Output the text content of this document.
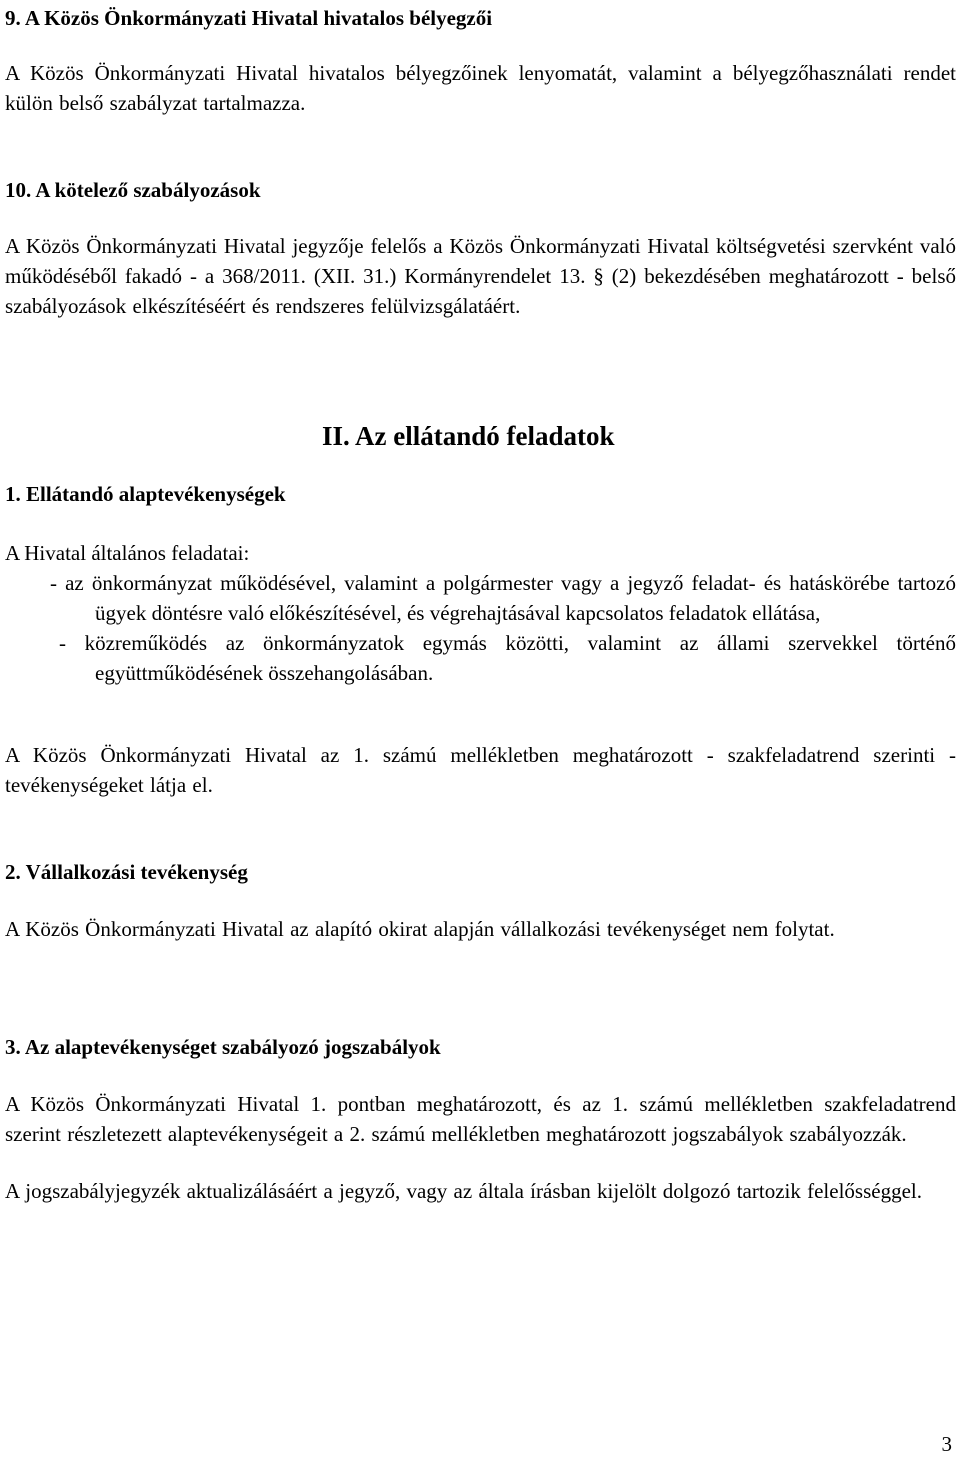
9. A Közös Önkormányzati Hivatal hivatalos bélyegzői

A Közös Önkormányzati Hivatal hivatalos bélyegzőinek lenyomatát, valamint a bélyegzőhasználati rendet külön belső szabályzat tartalmazza.

10. A kötelező szabályozások

A Közös Önkormányzati Hivatal jegyzője felelős a Közös Önkormányzati Hivatal költségvetési szervként való működéséből fakadó - a 368/2011. (XII. 31.) Kormányrendelet 13. § (2) bekezdésében meghatározott - belső szabályozások elkészítéséért és rendszeres felülvizsgálatáért.

II. Az ellátandó feladatok
1. Ellátandó alaptevékenységek

A Hivatal általános feladatai:

- az önkormányzat működésével, valamint a polgármester vagy a jegyző feladat- és hatáskörébe tartozó ügyek döntésre való előkészítésével, és végrehajtásával kapcsolatos feladatok ellátása,
- közreműködés az önkormányzatok egymás közötti, valamint az állami szervekkel történő együttműködésének összehangolásában.

A Közös Önkormányzati Hivatal az 1. számú mellékletben meghatározott - szakfeladatrend szerinti - tevékenységeket látja el.

2. Vállalkozási tevékenység

A Közös Önkormányzati Hivatal az alapító okirat alapján vállalkozási tevékenységet nem folytat.

3. Az alaptevékenységet szabályozó jogszabályok

A Közös Önkormányzati Hivatal 1. pontban meghatározott, és az 1. számú mellékletben szakfeladatrend szerint részletezett alaptevékenységeit a 2. számú mellékletben meghatározott jogszabályok szabályozzák.

A jogszabályjegyzék aktualizálásáért a jegyző, vagy az általa írásban kijelölt dolgozó tartozik felelősséggel.

3
